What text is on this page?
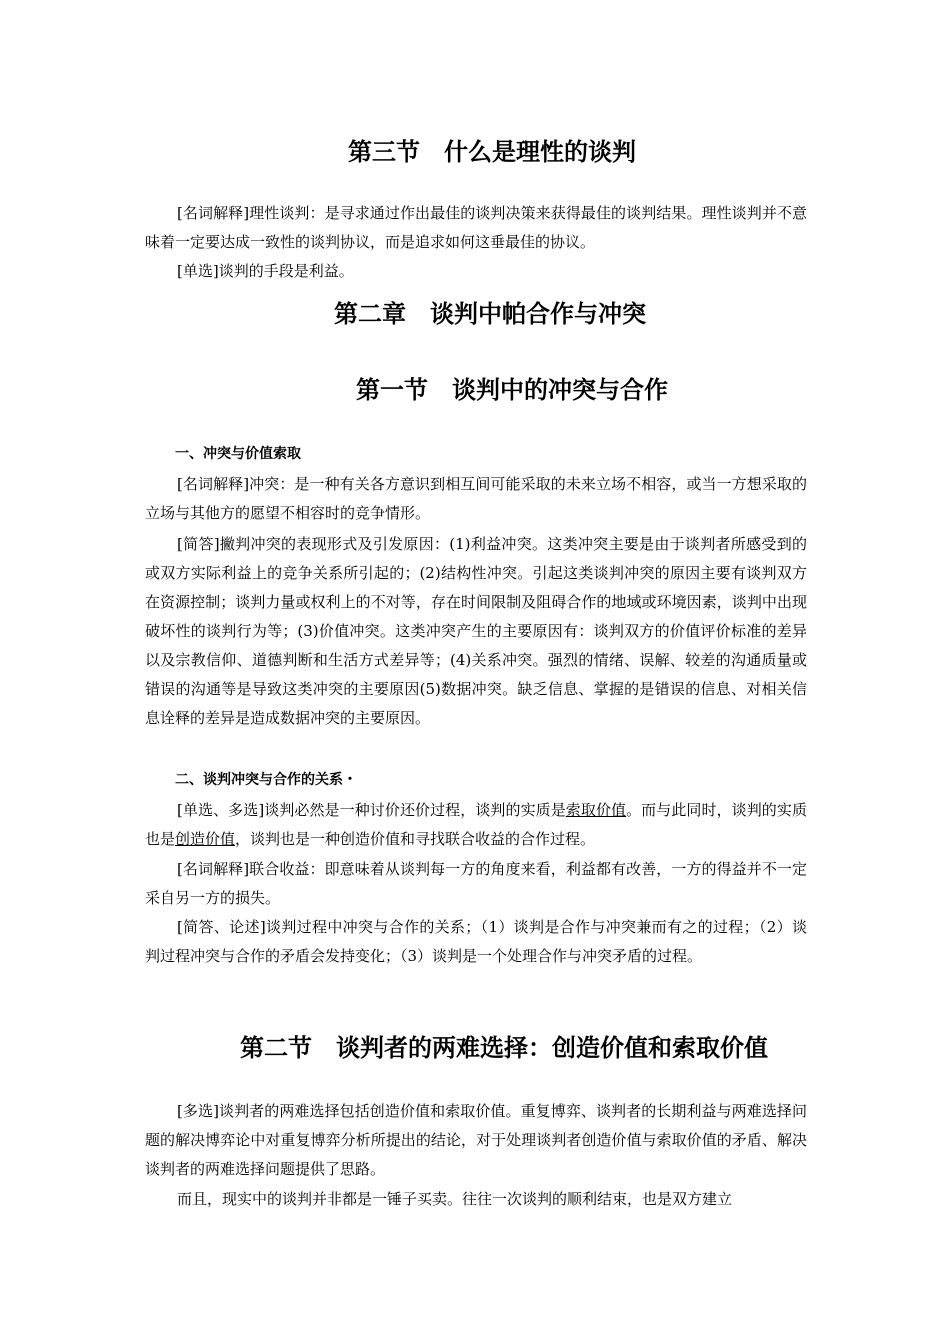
第三节　什么是理性的谈判

[名词解释]理性谈判：是寻求通过作出最佳的谈判决策来获得最佳的谈判结果。理性谈判并不意味着一定要达成一致性的谈判协议，而是追求如何这垂最佳的协议。

[单选]谈判的手段是利益。

第二章　谈判中帕合作与冲突
第一节　谈判中的冲突与合作
一、冲突与价值索取

[名词解释]冲突：是一种有关各方意识到相互间可能采取的未来立场不相容，或当一方想采取的立场与其他方的愿望不相容时的竞争情形。

[简答]撇判冲突的表现形式及引发原因：(1)利益冲突。这类冲突主要是由于谈判者所感受到的或双方实际利益上的竞争关系所引起的；(2)结构性冲突。引起这类谈判冲突的原因主要有谈判双方在资源控制；谈判力量或权利上的不对等，存在时间限制及阻碍合作的地域或环境因素，谈判中出现破坏性的谈判行为等；(3)价值冲突。这类冲突产生的主要原因有：谈判双方的价值评价标准的差异以及宗教信仰、道德判断和生活方式差异等；(4)关系冲突。强烈的情绪、误解、较差的沟通质量或错误的沟通等是导致这类冲突的主要原因(5)数据冲突。缺乏信息、掌握的是错误的信息、对相关信息诠释的差异是造成数据冲突的主要原因。

二、谈判冲突与合作的关系・

[单选、多选]谈判必然是一种讨价还价过程，谈判的实质是索取价值。而与此同时，谈判的实质也是创造价值，谈判也是一种创造价值和寻找联合收益的合作过程。

[名词解释]联合收益：即意味着从谈判每一方的角度来看，利益都有改善，一方的得益并不一定采自另一方的损失。

[简答、论述]谈判过程中冲突与合作的关系；（1）谈判是合作与冲突兼而有之的过程；（2）谈判过程冲突与合作的矛盾会发持变化；（3）谈判是一个处理合作与冲突矛盾的过程。

第二节　谈判者的两难选择：创造价值和索取价值

[多选]谈判者的两难选择包括创造价值和索取价值。重复博弈、谈判者的长期利益与两难选择问题的解决博弈论中对重复博弈分析所提出的结论，对于处理谈判者创造价值与索取价值的矛盾、解决谈判者的两难选择问题提供了思路。

而且，现实中的谈判并非都是一锤子买卖。往往一次谈判的顺利结束，也是双方建立
